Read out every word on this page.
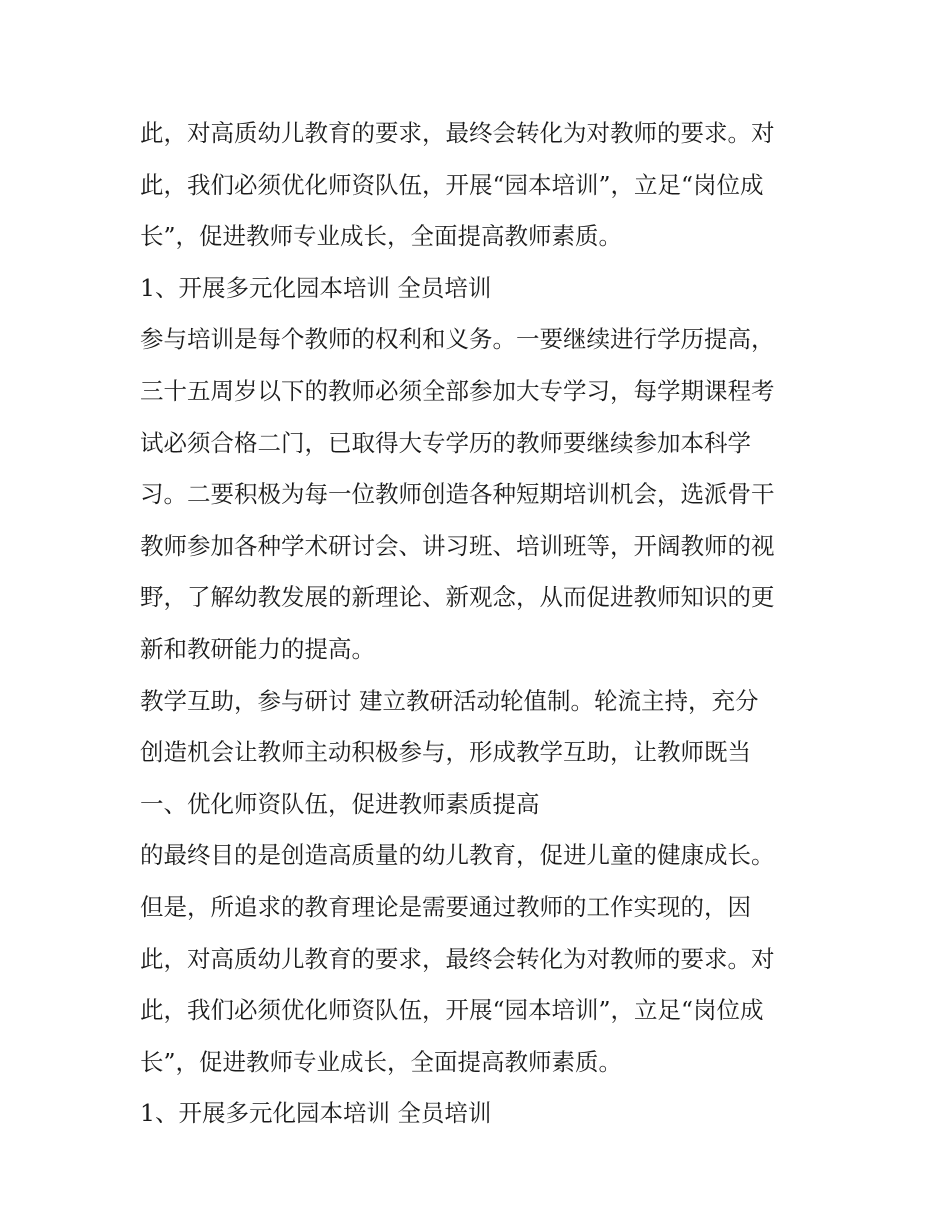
此，对高质幼儿教育的要求，最终会转化为对教师的要求。对
此，我们必须优化师资队伍，开展“园本培训”，立足“岗位成
长”，促进教师专业成长，全面提高教师素质。
1、开展多元化园本培训 全员培训
参与培训是每个教师的权利和义务。一要继续进行学历提高，
三十五周岁以下的教师必须全部参加大专学习，每学期课程考
试必须合格二门，已取得大专学历的教师要继续参加本科学
习。二要积极为每一位教师创造各种短期培训机会，选派骨干
教师参加各种学术研讨会、讲习班、培训班等，开阔教师的视
野，了解幼教发展的新理论、新观念，从而促进教师知识的更
新和教研能力的提高。
教学互助，参与研讨 建立教研活动轮值制。轮流主持，充分
创造机会让教师主动积极参与，形成教学互助，让教师既当
一、优化师资队伍，促进教师素质提高
的最终目的是创造高质量的幼儿教育，促进儿童的健康成长。
但是，所追求的教育理论是需要通过教师的工作实现的，因
此，对高质幼儿教育的要求，最终会转化为对教师的要求。对
此，我们必须优化师资队伍，开展“园本培训”，立足“岗位成
长”，促进教师专业成长，全面提高教师素质。
1、开展多元化园本培训 全员培训
